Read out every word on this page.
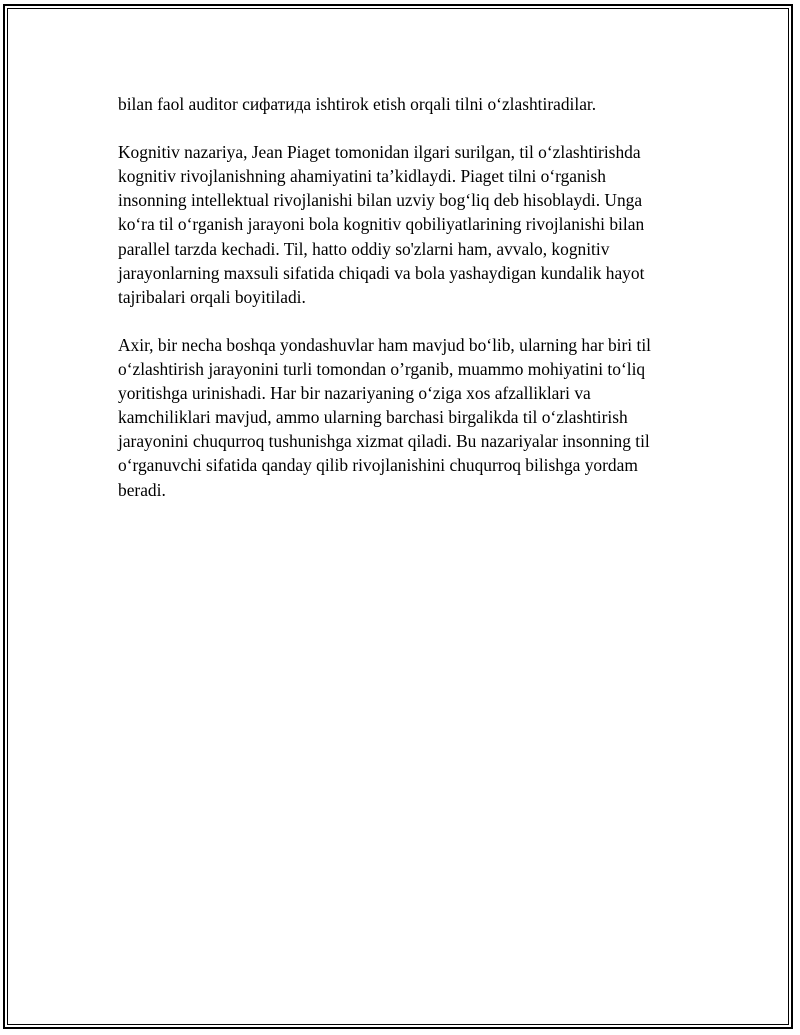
bilan faol auditor сифатида ishtirok etish orqali tilni o‘zlashtiradilar.
Kognitiv nazariya, Jean Piaget tomonidan ilgari surilgan, til o‘zlashtirishda
kognitiv rivojlanishning ahamiyatini ta’kidlaydi. Piaget tilni o‘rganish
insonning intellektual rivojlanishi bilan uzviy bog‘liq deb hisoblaydi. Unga
ko‘ra til o‘rganish jarayoni bola kognitiv qobiliyatlarining rivojlanishi bilan
parallel tarzda kechadi. Til, hatto oddiy so'zlarni ham, avvalo, kognitiv
jarayonlarning maxsuli sifatida chiqadi va bola yashaydigan kundalik hayot
tajribalari orqali boyitiladi.
Axir, bir necha boshqa yondashuvlar ham mavjud bo‘lib, ularning har biri til
o‘zlashtirish jarayonini turli tomondan o’rganib, muammo mohiyatini to‘liq
yoritishga urinishadi. Har bir nazariyaning o‘ziga xos afzalliklari va
kamchiliklari mavjud, ammo ularning barchasi birgalikda til o‘zlashtirish
jarayonini chuqurroq tushunishga xizmat qiladi. Bu nazariyalar insonning til
o‘rganuvchi sifatida qanday qilib rivojlanishini chuqurroq bilishga yordam
beradi.
